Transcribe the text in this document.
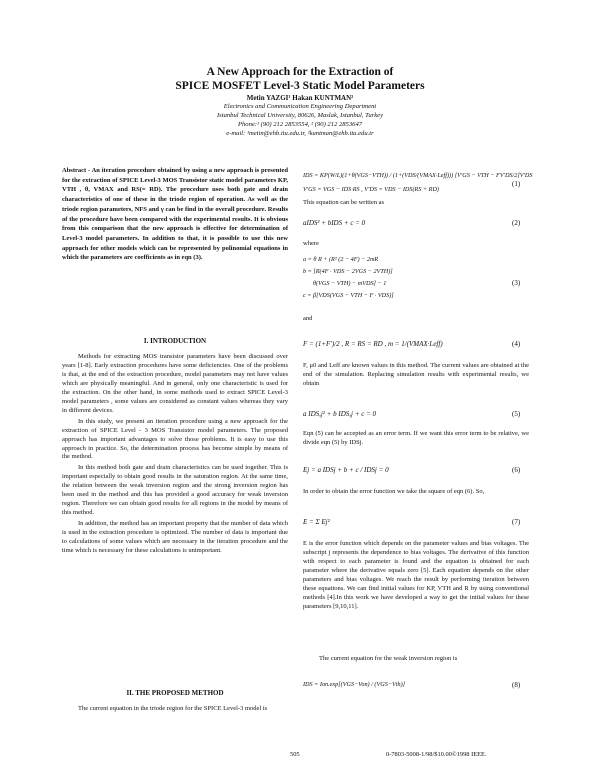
A New Approach for the Extraction of
SPICE MOSFET Level-3 Static Model Parameters
Metin YAZGI¹ Hakan KUNTMAN²
Electronics and Communication Engineering Department
Istanbul Technical University, 80626, Maslak, Istanbul, Turkey
Phone:¹ (90) 212 2853554, ² (90) 212 2853647
e-mail: ¹metin@ehb.itu.edu.tr, ²kuntman@ehb.itu.edu.tr
Abstract - An iteration procedure obtained by using a new approach is presented for the extraction of SPICE Level-3 MOS Transistor static model parameters KP, VTH , θ, VMAX and RS(= RD). The procedure uses both gate and drain characteristics of one of these in the triode region of operation. As well as the triode region parameters, NFS and γ can be find in the overall procedure. Results of the procedure have been compared with the experimental results. It is obvious from this comparison that the new approach is effective for determination of Level-3 model parameters. In addition to that, it is possible to use this new approach for other models which can be represented by polinomial equations in which the parameters are coefficients as in eqn (3).
I. INTRODUCTION

Methods for extracting MOS transistor parameters have been discussed over years [1-8]. Early extraction procedures have some deficiencies. One of the problems is that, at the end of the extraction procedure, model parameters may not have values which are physically meaningful. And in general, only one characteristic is used for the extraction. On the other hand, in some methods used to extract SPICE Level-3 model parameters , some values are considered as constant values whereas they vary in different devices.

In this study, we present an iteration procedure using a new approach for the extraction of SPICE Level - 3 MOS Transistor model parameters. The proposed approach has important advantages to solve those problems. It is easy to use this approach in practice. So, the determination process has become simple by means of the method.

In this method both gate and drain characteristics can be used together. This is important especially to obtain good results in the saturation region. At the same time, the relation between the weak inversion region and the strong inversion region has been used in the method and this has provided a good accuracy for weak inversion region. Therefore we can obtain good results for all regions in the model by means of this method.

In addition, the method has an important property that the number of data which is used in the extraction procedure is optimized. The number of data is important due to calculations of some values which are necessary in the iteration procedure and the time which is necessary for these calculations is unimportant.

II. THE PROPOSED METHOD

The current equation in the triode region for the SPICE Level-3 model is

IDS = KP(W/L)(1+θ(VGS−VTH)) / (1+(VDS/(VMAX·Leff))) [V′GS − VTH − FV′DS/2]V′DS
V′GS = VGS − IDS·RS , V′DS = VDS − IDS(RS + RD)
(1)
This equation can be written as
aIDS² + bIDS + c = 0	(2)
where
a = θ R + (R² (2 − 4F) − 2mR
b = [R(4F · VDS − 2VGS − 2VTH)]
θ(VGS − VTH) − mVDS] − 1
c = β[VDS(VGS − VTH − F · VDS)]
(3)
and
F = (1+F′)/2 , R = RS = RD , m = 1/(VMAX·Leff)	(4)
F, μ0 and Leff are known values in this method. The current values are obtained at the end of the simulation. Replacing simulation results with experimental results, we obtain
a IDS,j² + b IDS,j + c = 0	(5)
Eqn (5) can be accepted as an error term. If we want this error term to be relative, we divide eqn (5) by IDSj.
Ej = a IDSj + b + c / IDSj = 0	(6)
In order to obtain the error function we take the square of eqn (6). So,
E = Σ Ej²	(7)
E is the error function which depends on the parameter values and bias voltages. The subscript j represents the dependence to bias voltages. The derivative of this function with respect to each parameter is found and the equation is obtained for each parameter where the derivative equals zero [5]. Each equation depends on the other parameters and bias voltages. We reach the result by performing iteration between these equations. We can find initial values for KP, VTH and R by using conventional methods [4].In this work we have developed a way to get the initial values for these parameters [9,10,11].
The current equation for the weak inversion region is
IDS = Ion.exp[(VGS−Von) / (VGS−Vth)]	(8)
505	0-7803-5008-1/98/$10.00©1998 IEEE.
